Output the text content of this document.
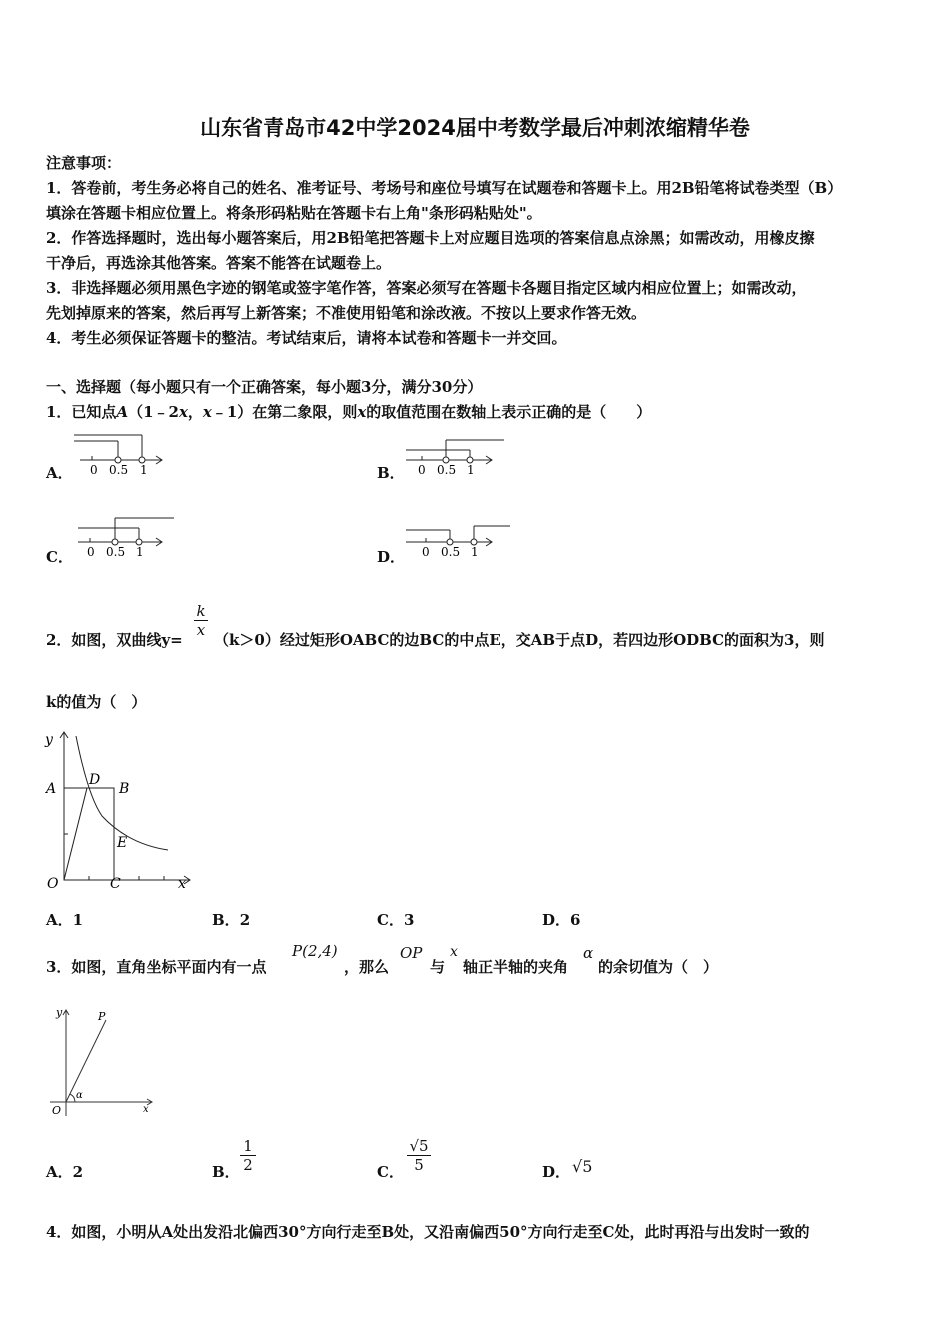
山东省青岛市42中学2024届中考数学最后冲刺浓缩精华卷
注意事项：
1．答卷前，考生务必将自己的姓名、准考证号、考场号和座位号填写在试题卷和答题卡上。用2B铅笔将试卷类型（B）
填涂在答题卡相应位置上。将条形码粘贴在答题卡右上角"条形码粘贴处"。
2．作答选择题时，选出每小题答案后，用2B铅笔把答题卡上对应题目选项的答案信息点涂黑；如需改动，用橡皮擦
干净后，再选涂其他答案。答案不能答在试题卷上。
3．非选择题必须用黑色字迹的钢笔或签字笔作答，答案必须写在答题卡各题目指定区域内相应位置上；如需改动，
先划掉原来的答案，然后再写上新答案；不准使用铅笔和涂改液。不按以上要求作答无效。
4．考生必须保证答题卡的整洁。考试结束后，请将本试卷和答题卡一并交回。
一、选择题（每小题只有一个正确答案，每小题3分，满分30分）
1．已知点A（1﹣2x，x﹣1）在第二象限，则x的取值范围在数轴上表示正确的是（　　）
A． 0 0.5 1	B． 0 0.5 1
C． 0 0.5 1	D． 0 0.5 1
2．如图，双曲线y=
$\frac{k}{x}$
（k＞0）经过矩形OABC的边BC的中点E，交AB于点D，若四边形ODBC的面积为3，则
k的值为（　）
y
A
D
B
E
O	C	x
A．1	B．2	C．3	D．6
3．如图，直角坐标平面内有一点
P(2,4)
，那么
OP
与
x
轴正半轴的夹角
α
的余切值为（　）
y	P
O
α
x
A．2	B． $\frac{1}{2}$	C． $\frac{√5}{5}$	D． √5
4．如图，小明从A处出发沿北偏西30°方向行走至B处，又沿南偏西50°方向行走至C处，此时再沿与出发时一致的
